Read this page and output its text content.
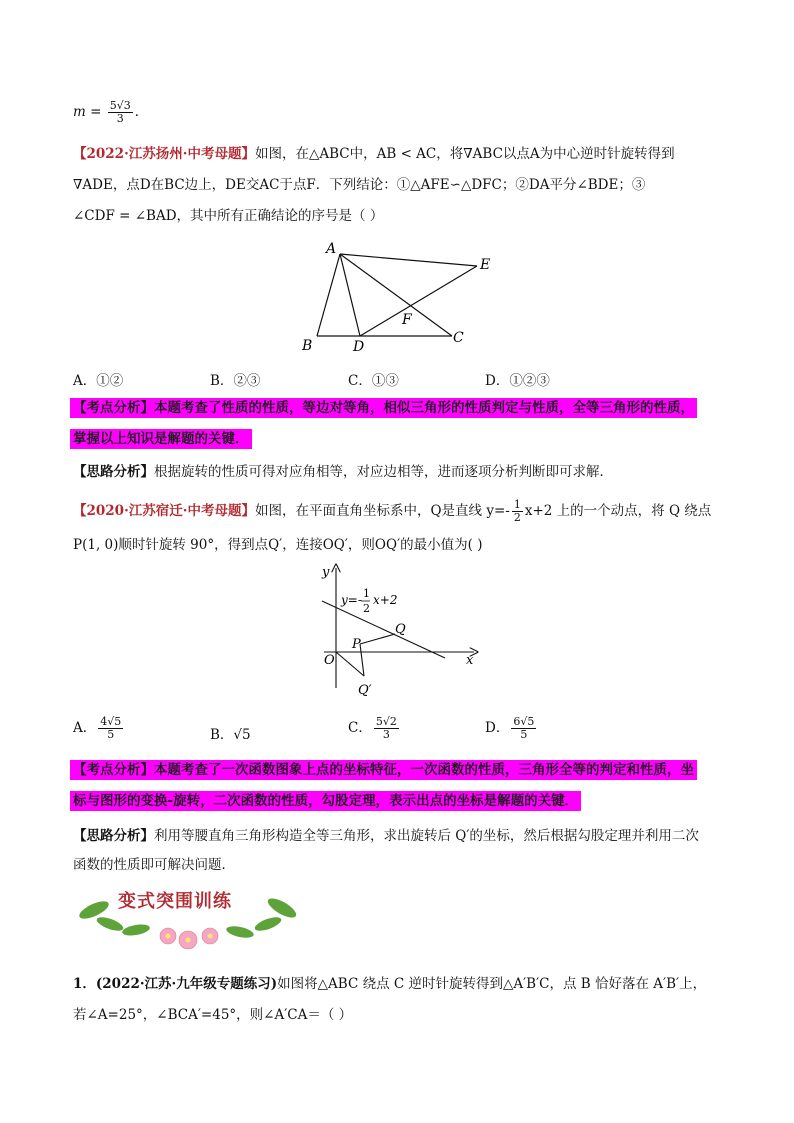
$m = \frac{5√3}{3}$ ．
【2022·江苏扬州·中考母题】如图，在△ABC中，AB < AC，将∇ABC以点A为中心逆时针旋转得到
∇ADE，点D在BC边上，DE交AC于点F．下列结论：①△AFE∽△DFC；②DA平分∠BDE；③
∠CDF = ∠BAD，其中所有正确结论的序号是（ ）
A
B	D
C
E
F
A．①②	B．②③	C．①③	D．①②③
【考点分析】本题考查了性质的性质，等边对等角，相似三角形的性质判定与性质，全等三角形的性质，
掌握以上知识是解题的关键．
【思路分析】根据旋转的性质可得对应角相等，对应边相等，进而逐项分析判断即可求解．
【2020·江苏宿迁·中考母题】如图，在平面直角坐标系中，Q是直线 $y=- \frac{1}{2} x+2$ 上的一个动点，将 Q 绕点
P(1, 0)顺时针旋转 90°，得到点Q′，连接OQ′，则OQ′的最小值为( )
y
x
O
P
Q
Q′
y=- 1
2
x+2
A． $\frac{4√5}{5}$	B．√5	C． $\frac{5√2}{3}$	D． $\frac{6√5}{5}$
【考点分析】本题考查了一次函数图象上点的坐标特征，一次函数的性质，三角形全等的判定和性质，坐
标与图形的变换-旋转，二次函数的性质，勾股定理，表示出点的坐标是解题的关键．
【思路分析】利用等腰直角三角形构造全等三角形，求出旋转后 Q′的坐标，然后根据勾股定理并利用二次
函数的性质即可解决问题．
变式突围训练
1．(2022·江苏·九年级专题练习)如图将△ABC 绕点 C 逆时针旋转得到△A′B′C，点 B 恰好落在 A′B′上，
若∠A=25°，∠BCA′=45°，则∠A′CA＝（ ）
